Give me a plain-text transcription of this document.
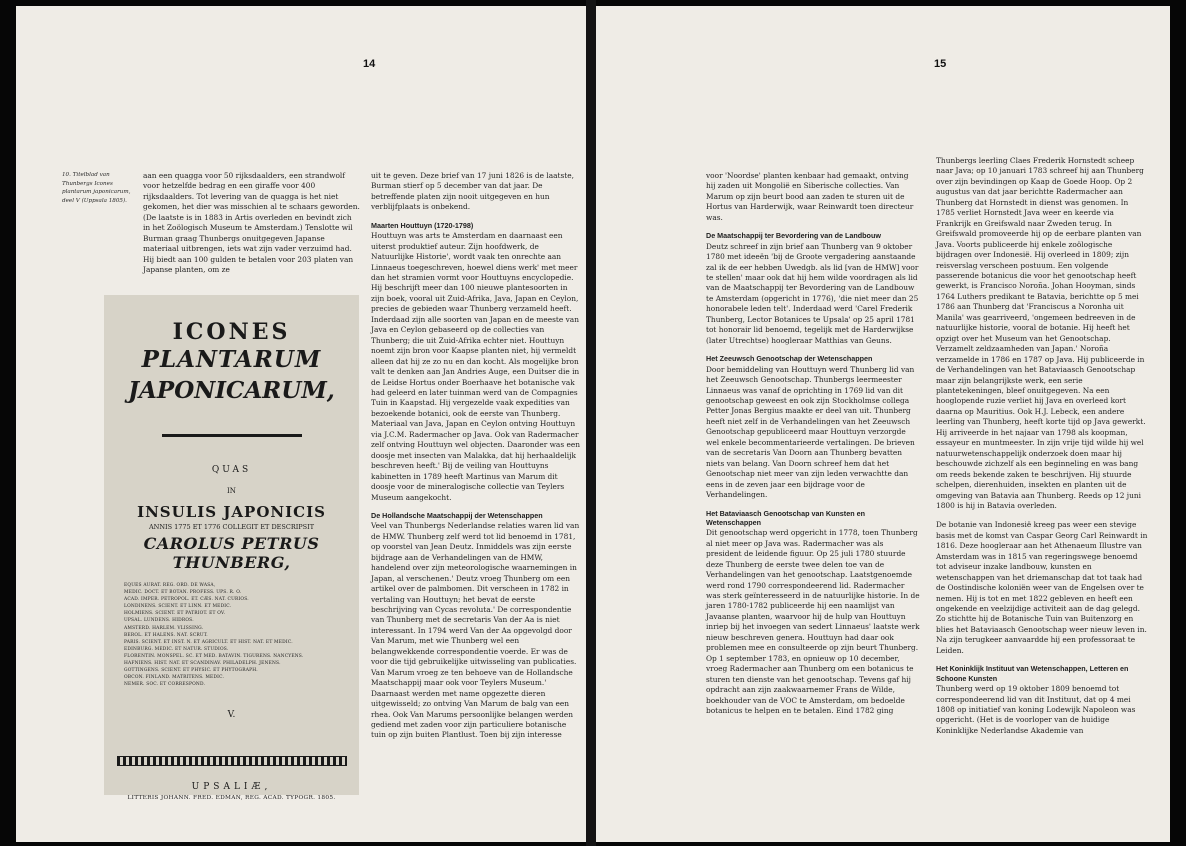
14
10. Titelblad van Thunbergs Icones plantarum japonicarum, deel V (Uppsala 1805).

aan een quagga voor 50 rijksdaalders, een strandwolf voor hetzelfde bedrag en een giraffe voor 400 rijksdaalders. Tot levering van de quagga is het niet gekomen, het dier was misschien al te schaars geworden. (De laatste is in 1883 in Artis overleden en bevindt zich in het Zoölogisch Museum te Amsterdam.) Tenslotte wil Burman graag Thunbergs onuitgegeven Japanse materiaal uitbrengen, iets wat zijn vader verzuimd had. Hij biedt aan 100 gulden te betalen voor 203 platen van Japanse planten, om ze

ICONES
PLANTARUM
JAPONICARUM,
QUAS
IN
INSULIS JAPONICIS
ANNIS 1775 ET 1776 COLLEGIT ET DESCRIPSIT
CAROLUS PETRUS THUNBERG,
EQUES AURAT. REG. ORD. DE WASA,
MEDIC. DOCT. ET BOTAN. PROFESS. UPS. R. O.
ACAD. IMPER. PETROPOL. ET. CÆS. NAT. CURIOS.
LONDINENS. SCIENT. ET LINN. ET MEDIC.
HOLMIENS. SCIENT. ET PATRIOT. ET OV.
UPSAL. LUNDENS. HIDROS.
AMSTERD. HARLEM. VLISSING.
BEROL. ET HALENS. NAT. SCRUT.
PARIS. SCIENT. ET INST. N. ET AGRICULT. ET HIST. NAT. ET MEDIC.
EDINBURG. MEDIC. ET NATUR. STUDIOS.
FLORENTIN. MONSPEL. SC. ET MED. BATAVIN. TIGURENS. NANCYENS.
HAFNIENS. HIST. NAT. ET SCANDINAV. PHILADELPH. JENENS.
GOTTINGENS. SCIENT. ET PHYSIC. ET PHYTOGRAPH.
OBCON. FINLAND. MATRITENS. MEDIC.
NEMER. SOC. ET CORRESPOND.
V.
UPSALIÆ,
LITTERIS JOHANN. FRED. EDMAN, REG. ACAD. TYPOGR. 1805.

uit te geven. Deze brief van 17 juni 1826 is de laatste, Burman stierf op 5 december van dat jaar. De betreffende platen zijn nooit uitgegeven en hun verblijfplaats is onbekend.

Maarten Houttuyn (1720-1798)

Houttuyn was arts te Amsterdam en daarnaast een uiterst produktief auteur. Zijn hoofdwerk, de Natuurlijke Historie', wordt vaak ten onrechte aan Linnaeus toegeschreven, hoewel diens werk' met meer dan het stramien vormt voor Houttuyns encyclopedie. Hij beschrijft meer dan 100 nieuwe plantesoorten in zijn boek, vooral uit Zuid-Afrika, Java, Japan en Ceylon, precies de gebieden waar Thunberg verzameld heeft. Inderdaad zijn alle soorten van Japan en de meeste van Java en Ceylon gebaseerd op de collecties van Thunberg; die uit Zuid-Afrika echter niet. Houttuyn noemt zijn bron voor Kaapse planten niet, hij vermeldt alleen dat hij ze zo nu en dan kocht. Als mogelijke bron valt te denken aan Jan Andries Auge, een Duitser die in de Leidse Hortus onder Boerhaave het botanische vak had geleerd en later tuinman werd van de Compagnies Tuin in Kaapstad. Hij vergezelde vaak expedities van bezoekende botanici, ook de eerste van Thunberg. Materiaal van Java, Japan en Ceylon ontving Houttuyn via J.C.M. Radermacher op Java. Ook van Radermacher zelf ontving Houttuyn wel objecten. Daaronder was een doosje met insecten van Malakka, dat hij herhaaldelijk beschreven heeft.' Bij de veiling van Houttuyns kabinetten in 1789 heeft Martinus van Marum dit doosje voor de mineralogische collectie van Teylers Museum aangekocht.

De Hollandsche Maatschappij der Wetenschappen

Veel van Thunbergs Nederlandse relaties waren lid van de HMW. Thunberg zelf werd tot lid benoemd in 1781, op voorstel van Jean Deutz. Inmiddels was zijn eerste bijdrage aan de Verhandelingen van de HMW, handelend over zijn meteorologische waarnemingen in Japan, al verschenen.' Deutz vroeg Thunberg om een artikel over de palmbomen. Dit verscheen in 1782 in vertaling van Houttuyn; het bevat de eerste beschrijving van Cycas revoluta.' De correspondentie van Thunberg met de secretaris Van der Aa is niet interessant. In 1794 werd Van der Aa opgevolgd door Van Marum, met wie Thunberg wel een belangwekkende correspondentie voerde. Er was de voor die tijd gebruikelijke uitwisseling van publicaties. Van Marum vroeg ze ten behoeve van de Hollandsche Maatschappij maar ook voor Teylers Museum.' Daarnaast werden met name opgezette dieren uitgewisseld; zo ontving Van Marum de balg van een rhea. Ook Van Marums persoonlijke belangen werden gediend met zaden voor zijn particuliere botanische tuin op zijn buiten Plantlust. Toen bij zijn interesse

15

voor 'Noordse' planten kenbaar had gemaakt, ontving hij zaden uit Mongolië en Siberische collecties. Van Marum op zijn beurt bood aan zaden te sturen uit de Hortus van Harderwijk, waar Reinwardt toen directeur was.

De Maatschappij ter Bevordering van de Landbouw

Deutz schreef in zijn brief aan Thunberg van 9 oktober 1780 met ideeën 'bij de Groote vergadering aanstaande zal ik de eer hebben Uwedgb. als lid [van de HMW] voor te stellen' maar ook dat hij hem wilde voordragen als lid van de Maatschappij ter Bevordering van de Landbouw te Amsterdam (opgericht in 1776), 'die niet meer dan 25 honorabele leden telt'. Inderdaad werd 'Carel Frederik Thunberg, Lector Botanices te Upsala' op 25 april 1781 tot honorair lid benoemd, tegelijk met de Harderwijkse (later Utrechtse) hoogleraar Matthias van Geuns.

Het Zeeuwsch Genootschap der Wetenschappen

Door bemiddeling van Houttuyn werd Thunberg lid van het Zeeuwsch Genootschap. Thunbergs leermeester Linnaeus was vanaf de oprichting in 1769 lid van dit genootschap geweest en ook zijn Stockholmse collega Petter Jonas Bergius maakte er deel van uit. Thunberg heeft niet zelf in de Verhandelingen van het Zeeuwsch Genootschap gepubliceerd maar Houttuyn verzorgde wel enkele becommentarieerde vertalingen. De brieven van de secretaris Van Doorn aan Thunberg bevatten niets van belang. Van Doorn schreef hem dat het Genootschap niet meer van zijn leden verwachtte dan eens in de zeven jaar een bijdrage voor de Verhandelingen.

Het Bataviaasch Genootschap van Kunsten en Wetenschappen

Dit genootschap werd opgericht in 1778, toen Thunberg al niet meer op Java was. Radermacher was als president de leidende figuur. Op 25 juli 1780 stuurde deze Thunberg de eerste twee delen toe van de Verhandelingen van het genootschap. Laatstgenoemde werd rond 1790 correspondeerend lid. Radermacher was sterk geïnteresseerd in de natuurlijke historie. In de jaren 1780-1782 publiceerde hij een naamlijst van Javaanse planten, waarvoor hij de hulp van Houttuyn inriep bij het invoegen van sedert Linnaeus' laatste werk nieuw beschreven genera. Houttuyn had daar ook problemen mee en consulteerde op zijn beurt Thunberg.

Op 1 september 1783, en opnieuw op 10 december, vroeg Radermacher aan Thunberg om een botanicus te sturen ten dienste van het genootschap. Tevens gaf hij opdracht aan zijn zaakwaarnemer Frans de Wilde, boekhouder van de VOC te Amsterdam, om bedoelde botanicus te helpen en te betalen. Eind 1782 ging

Thunbergs leerling Claes Frederik Hornstedt scheep naar Java; op 10 januari 1783 schreef hij aan Thunberg over zijn bevindingen op Kaap de Goede Hoop. Op 2 augustus van dat jaar berichtte Radermacher aan Thunberg dat Hornstedt in dienst was genomen. In 1785 verliet Hornstedt Java weer en keerde via Frankrijk en Greifswald naar Zweden terug. In Greifswald promoveerde hij op de eerbare planten van Java. Voorts publiceerde hij enkele zoölogische bijdragen over Indonesië. Hij overleed in 1809; zijn reisverslag verscheen postuum. Een volgende passerende botanicus die voor het genootschap heeft gewerkt, is Francisco Noroña. Johan Hooyman, sinds 1764 Luthers predikant te Batavia, berichtte op 5 mei 1786 aan Thunberg dat 'Franciscus a Noronha uit Manila' was gearriveerd, 'ongemeen bedreeven in de natuurlijke historie, vooral de botanie. Hij heeft het opzigt over het Museum van het Genootschap. Verzamelt zeldzaamheden van Japan.' Noroña verzamelde in 1786 en 1787 op Java. Hij publiceerde in de Verhandelingen van het Bataviaasch Genootschap maar zijn belangrijkste werk, een serie plantetekeningen, bleef onuitgegeven. Na een hooglopende ruzie verliet hij Java en overleed kort daarna op Mauritius. Ook H.J. Lebeck, een andere leerling van Thunberg, heeft korte tijd op Java gewerkt. Hij arriveerde in het najaar van 1798 als koopman, essayeur en muntmeester. In zijn vrije tijd wilde hij wel natuurwetenschappelijk onderzoek doen maar hij beschouwde zichzelf als een beginneling en was bang om reeds bekende zaken te beschrijven. Hij stuurde schelpen, dierenhuiden, insekten en planten uit de omgeving van Batavia aan Thunberg. Reeds op 12 juni 1800 is hij in Batavia overleden.

De botanie van Indonesië kreeg pas weer een stevige basis met de komst van Caspar Georg Carl Reinwardt in 1816. Deze hoogleraar aan het Athenaeum Illustre van Amsterdam was in 1815 van regeringswege benoemd tot adviseur inzake landbouw, kunsten en wetenschappen van het driemanschap dat tot taak had de Oostindische koloniën weer van de Engelsen over te nemen. Hij is tot en met 1822 gebleven en heeft een ongekende en veelzijdige activiteit aan de dag gelegd. Zo stichtte hij de Botanische Tuin van Buitenzorg en blies het Bataviaasch Genootschap weer nieuw leven in. Na zijn terugkeer aanvaardde hij een professoraat te Leiden.

Het Koninklijk Instituut van Wetenschappen, Letteren en Schoone Kunsten

Thunberg werd op 19 oktober 1809 benoemd tot correspondeerend lid van dit Instituut, dat op 4 mei 1808 op initiatief van koning Lodewijk Napoleon was opgericht. (Het is de voorloper van de huidige Koninklijke Nederlandse Akademie van
